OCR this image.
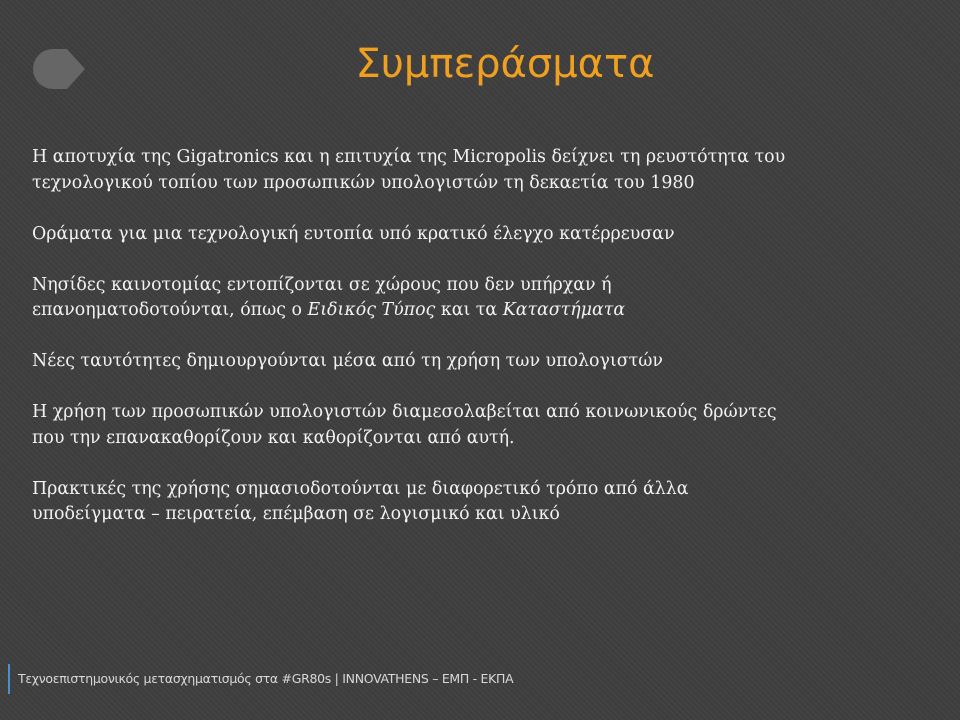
Συμπεράσματα

Η αποτυχία της Gigatronics και η επιτυχία της Micropolis δείχνει τη ρευστότητα του
τεχνολογικού τοπίου των προσωπικών υπολογιστών τη δεκαετία του 1980

Οράματα για μια τεχνολογική ευτοπία υπό κρατικό έλεγχο κατέρρευσαν

Νησίδες καινοτομίας εντοπίζονται σε χώρους που δεν υπήρχαν ή
επανοηματοδοτούνται, όπως ο Ειδικός Τύπος και τα Καταστήματα

Νέες ταυτότητες δημιουργούνται μέσα από τη χρήση των υπολογιστών

Η χρήση των προσωπικών υπολογιστών διαμεσολαβείται από κοινωνικούς δρώντες
που την επανακαθορίζουν και καθορίζονται από αυτή.

Πρακτικές της χρήσης σημασιοδοτούνται με διαφορετικό τρόπο από άλλα
υποδείγματα – πειρατεία, επέμβαση σε λογισμικό και υλικό

Τεχνοεπιστημονικός μετασχηματισμός στα #GR80s | INNOVATHENS – ΕΜΠ - ΕΚΠΑ
